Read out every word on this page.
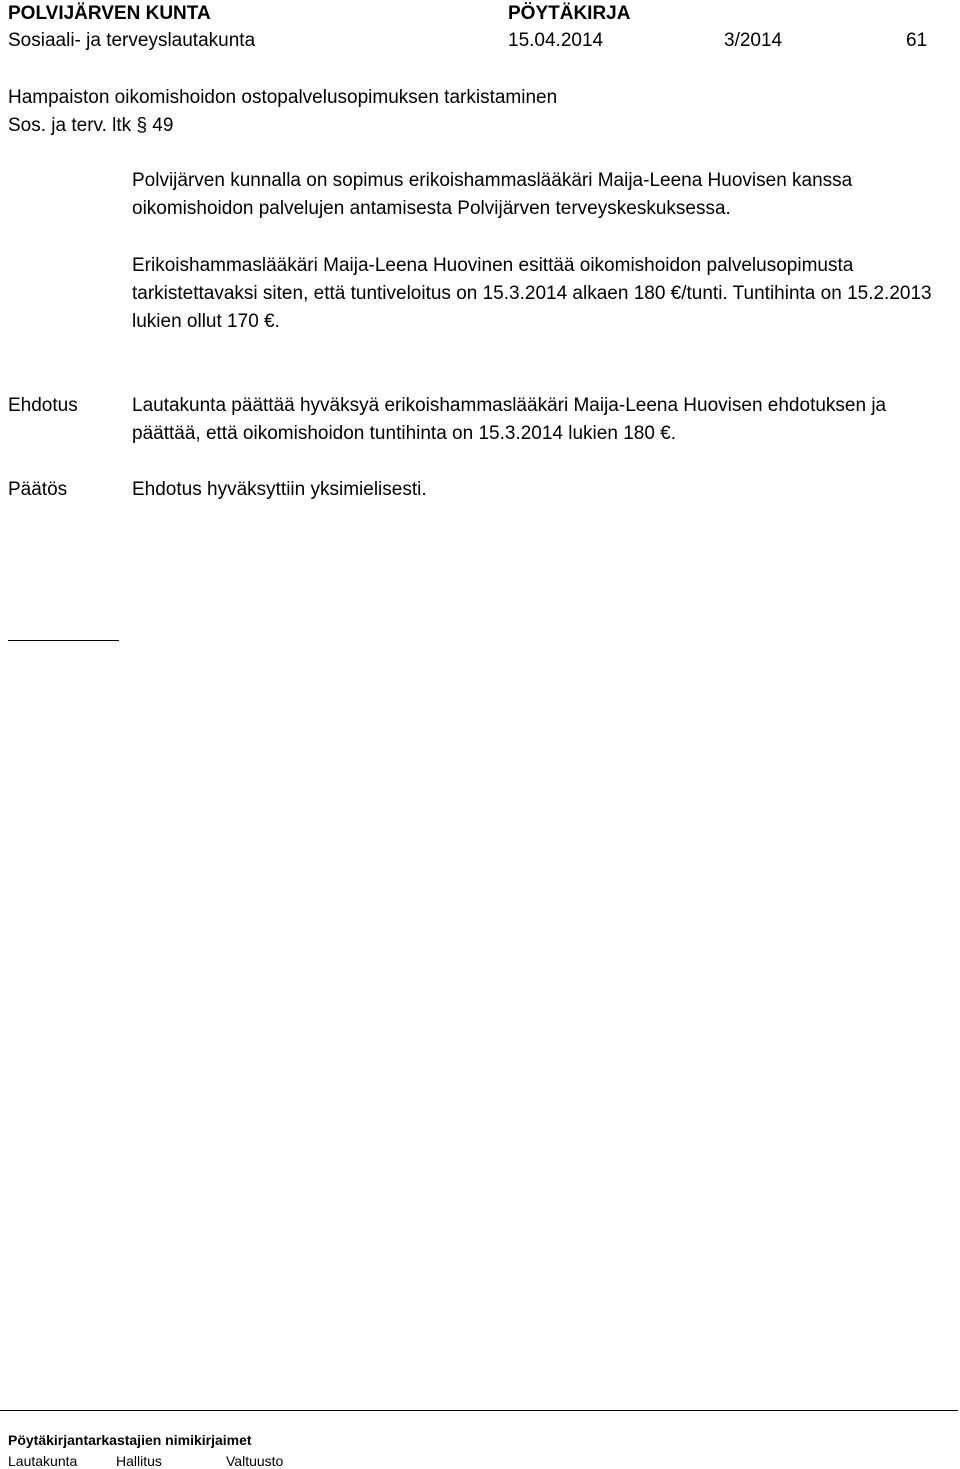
POLVIJÄRVEN KUNTA	PÖYTÄKIRJA
Sosiaali- ja terveyslautakunta	15.04.2014	3/2014	61
Hampaiston oikomishoidon ostopalvelusopimuksen tarkistaminen
Sos. ja terv. ltk § 49
Polvijärven kunnalla on sopimus erikoishammaslääkäri Maija-Leena Huovisen kanssa oikomishoidon palvelujen antamisesta Polvijärven terveyskeskuksessa.
Erikoishammaslääkäri Maija-Leena Huovinen esittää oikomishoidon palvelusopimusta tarkistettavaksi siten, että tuntiveloitus on 15.3.2014 alkaen 180 €/tunti. Tuntihinta on 15.2.2013 lukien ollut 170 €.
Ehdotus	Lautakunta päättää hyväksyä erikoishammaslääkäri Maija-Leena Huovisen ehdotuksen ja päättää, että oikomishoidon tuntihinta on 15.3.2014 lukien 180 €.
Päätös	Ehdotus hyväksyttiin yksimielisesti.
Pöytäkirjantarkastajien nimikirjaimet
Lautakunta	Hallitus	Valtuusto
